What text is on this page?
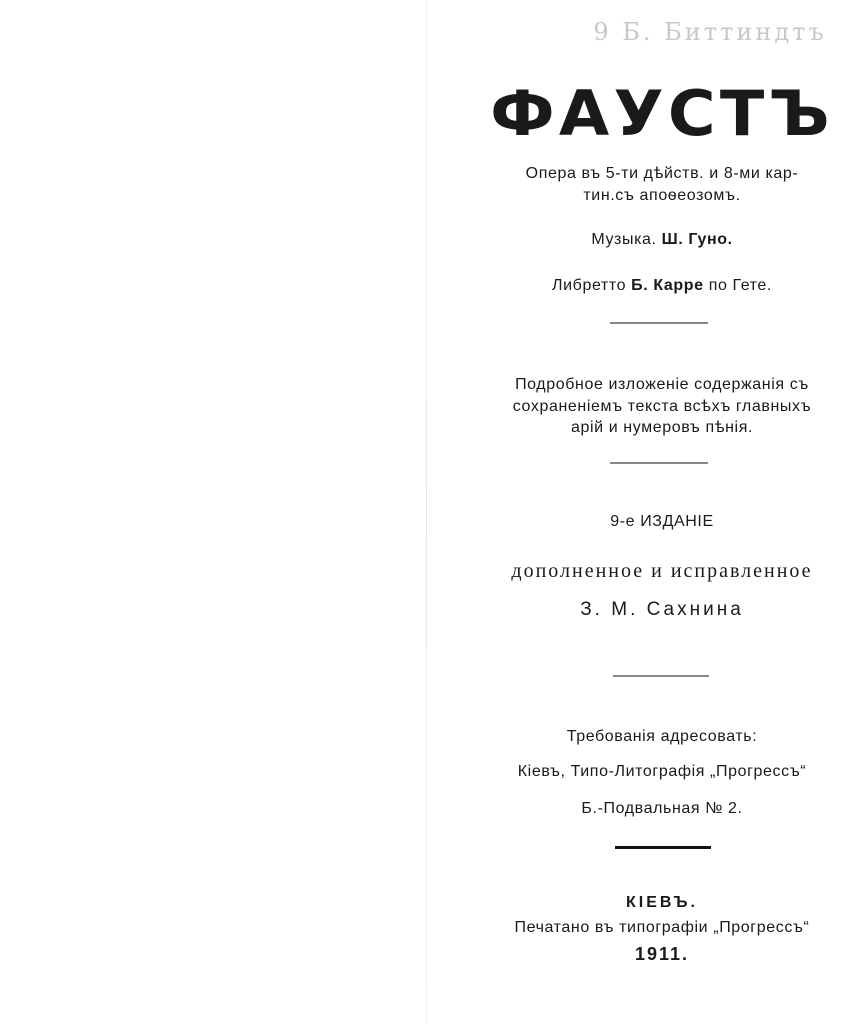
9 Б. Биттиндтъ
ФАУСТЪ
Опера въ 5-ти дѣйств. и 8-ми кар-
тин.съ апоѳеозомъ.
Музыка. Ш. Гуно.
Либретто Б. Карре по Гете.
Подробное изложеніе содержанія съ
сохраненіемъ текста всѣхъ главныхъ
арій и нумеровъ пѣнія.
9-е ИЗДАНІЕ
дополненное и исправленное
З. М. Сахнина
Требованія адресовать:
Кіевъ, Типо-Литографія „Прогрессъ“
Б.-Подвальная № 2.
КІЕВЪ.
Печатано въ типографіи „Прогрессъ“
1911.
